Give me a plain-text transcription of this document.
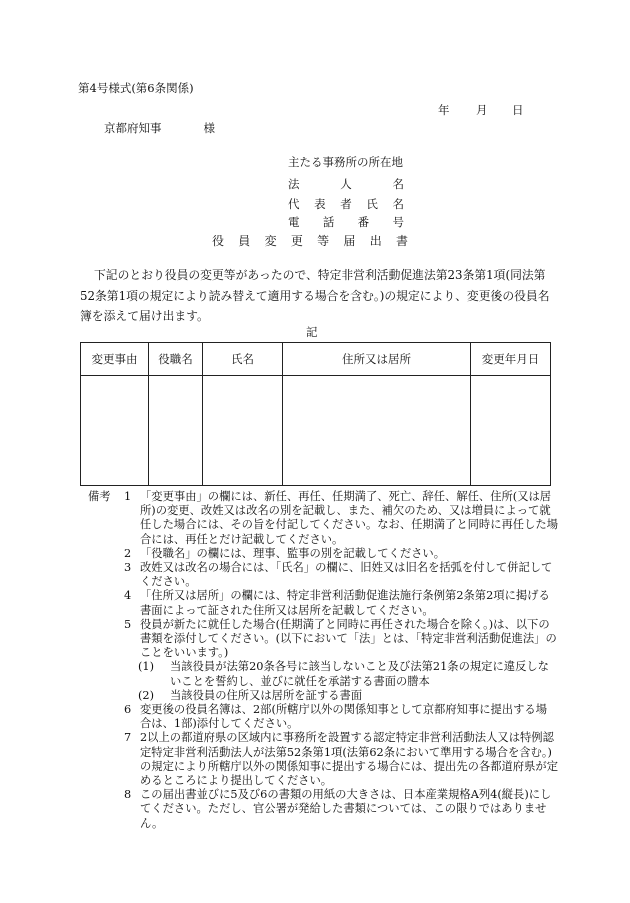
第4号様式(第6条関係)
年 月 日
京都府知事	様
主たる事務所の所在地
法	人	名
代 表 者 氏 名
電 話 番 号
役 員 変 更 等 届 出 書
下記のとおり役員の変更等があったので、特定非営利活動促進法第23条第1項(同法第52条第1項の規定により読み替えて適用する場合を含む。)の規定により、変更後の役員名簿を添えて届け出ます。
記
変更事由	役職名	氏名	住所又は居所	変更年月日

備考 1 「変更事由」の欄には、新任、再任、任期満了、死亡、辞任、解任、住所(又は居所)の変更、改姓又は改名の別を記載し、また、補欠のため、又は増員によって就任した場合には、その旨を付記してください。なお、任期満了と同時に再任した場合には、再任とだけ記載してください。
2 「役職名」の欄には、理事、監事の別を記載してください。
3 改姓又は改名の場合には、「氏名」の欄に、旧姓又は旧名を括弧を付して併記してください。
4 「住所又は居所」の欄には、特定非営利活動促進法施行条例第2条第2項に掲げる書面によって証された住所又は居所を記載してください。
5 役員が新たに就任した場合(任期満了と同時に再任された場合を除く。)は、以下の書類を添付してください。(以下において「法」とは、「特定非営利活動促進法」のことをいいます。)
(1) 当該役員が法第20条各号に該当しないこと及び法第21条の規定に違反しないことを誓約し、並びに就任を承諾する書面の謄本
(2) 当該役員の住所又は居所を証する書面
6 変更後の役員名簿は、2部(所轄庁以外の関係知事として京都府知事に提出する場合は、1部)添付してください。
7 2以上の都道府県の区域内に事務所を設置する認定特定非営利活動法人又は特例認定特定非営利活動法人が法第52条第1項(法第62条において準用する場合を含む。)の規定により所轄庁以外の関係知事に提出する場合には、提出先の各都道府県が定めるところにより提出してください。
8 この届出書並びに5及び6の書類の用紙の大きさは、日本産業規格A列4(縦長)にしてください。ただし、官公署が発給した書類については、この限りではありません。
